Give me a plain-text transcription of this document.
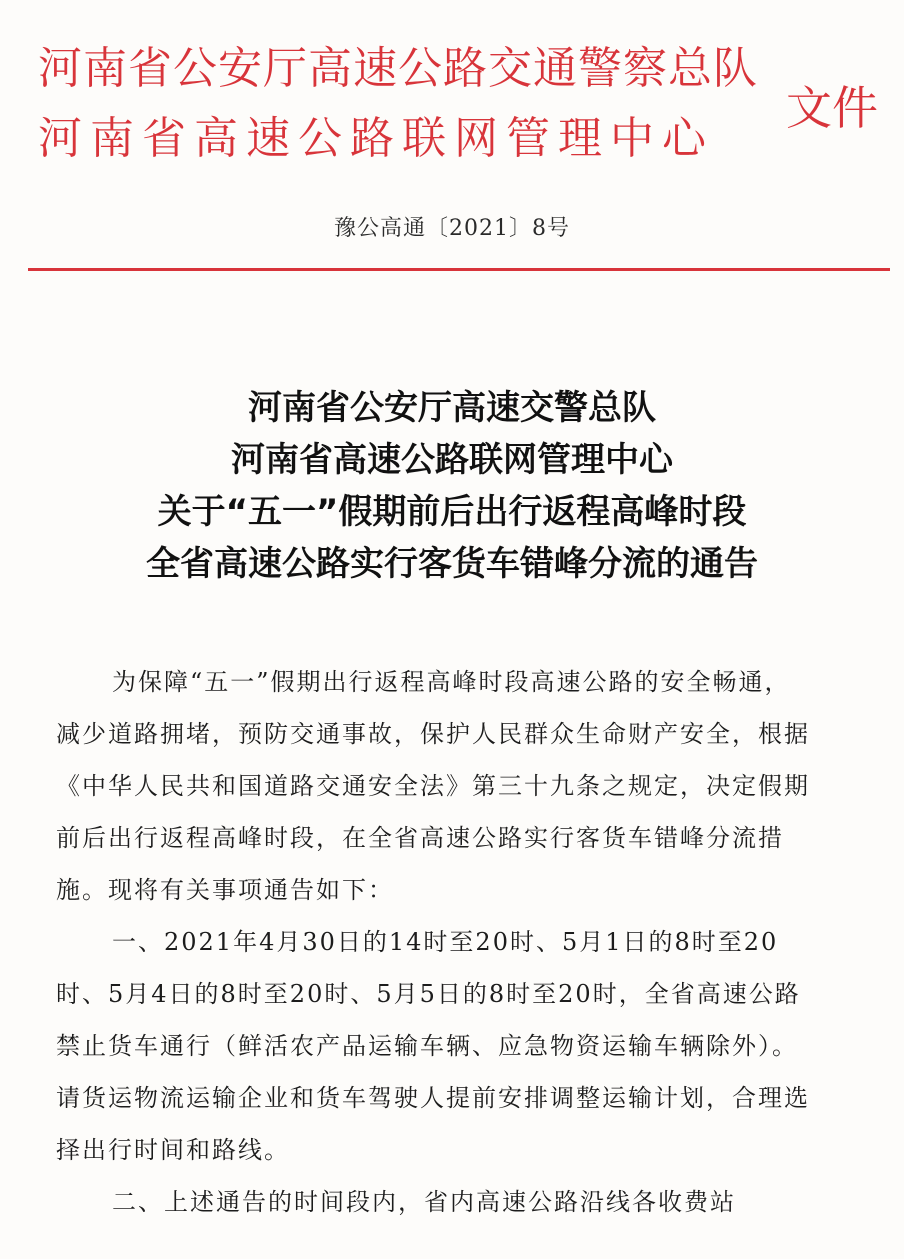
河南省公安厅高速公路交通警察总队
河南省高速公路联网管理中心
文件
豫公高通〔2021〕8号
河南省公安厅高速交警总队
河南省高速公路联网管理中心
关于“五一”假期前后出行返程高峰时段
全省高速公路实行客货车错峰分流的通告

为保障“五一”假期出行返程高峰时段高速公路的安全畅通，减少道路拥堵，预防交通事故，保护人民群众生命财产安全，根据《中华人民共和国道路交通安全法》第三十九条之规定，决定假期前后出行返程高峰时段，在全省高速公路实行客货车错峰分流措施。现将有关事项通告如下：

一、2021年4月30日的14时至20时、5月1日的8时至20时、5月4日的8时至20时、5月5日的8时至20时，全省高速公路禁止货车通行（鲜活农产品运输车辆、应急物资运输车辆除外）。请货运物流运输企业和货车驾驶人提前安排调整运输计划，合理选择出行时间和路线。

二、上述通告的时间段内，省内高速公路沿线各收费站
